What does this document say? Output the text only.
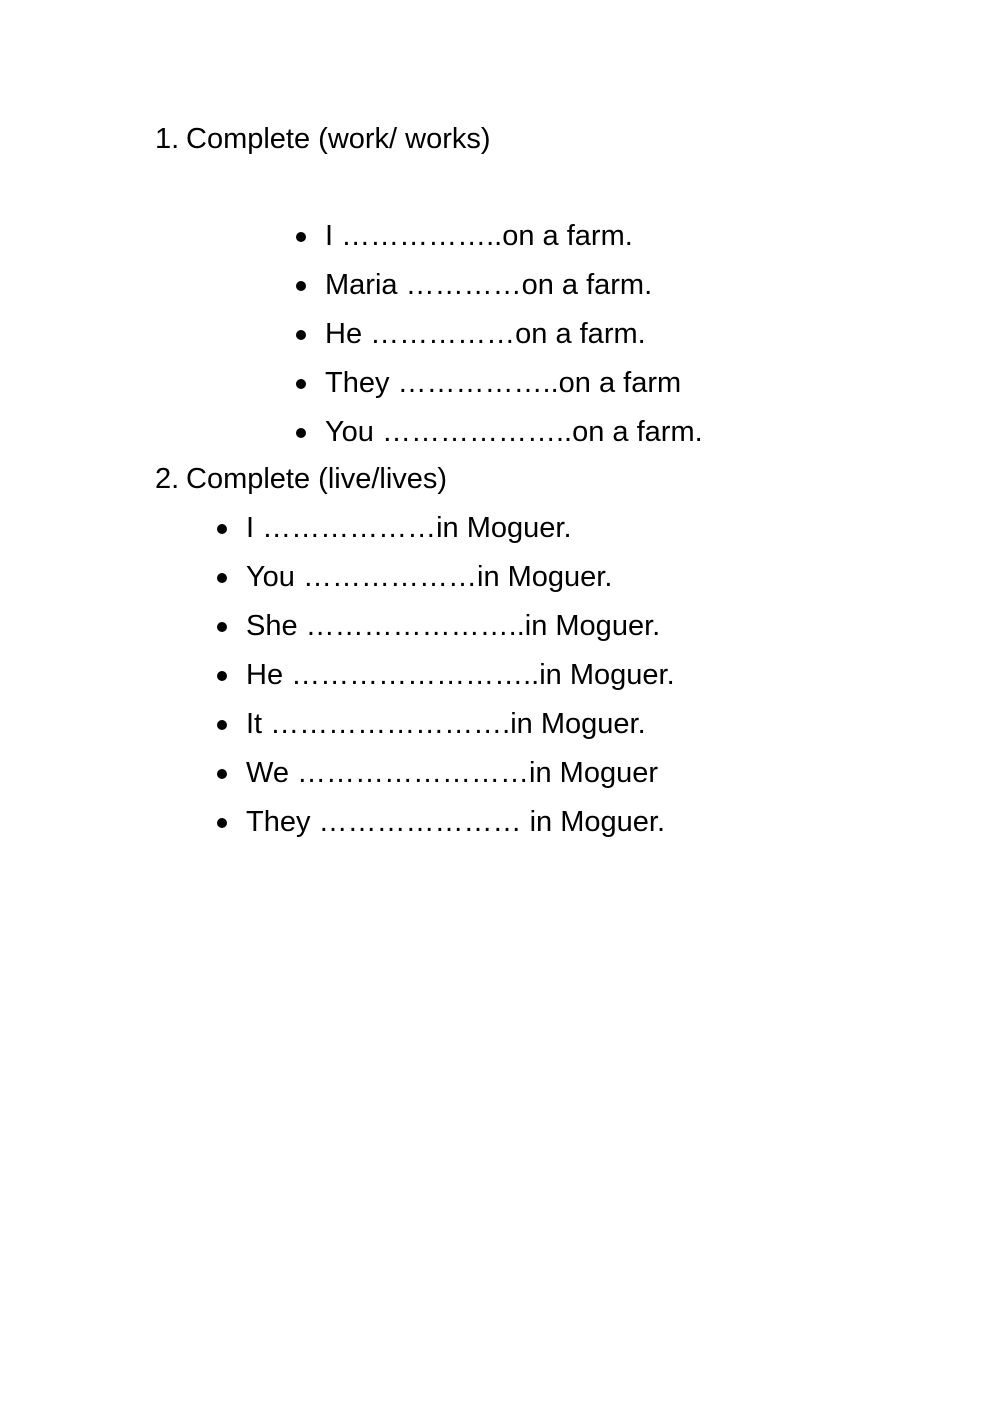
1. Complete (work/ works)
I ……………..on a farm.
Maria …………on a farm.
He ……………on a farm.
They ……………..on a farm
You ………………..on a farm.
2. Complete (live/lives)
I ………………in Moguer.
You ………………in Moguer.
She …………………..in Moguer.
He ……………………..in Moguer.
It …………………….in Moguer.
We ……………………in Moguer
They ………………… in Moguer.
